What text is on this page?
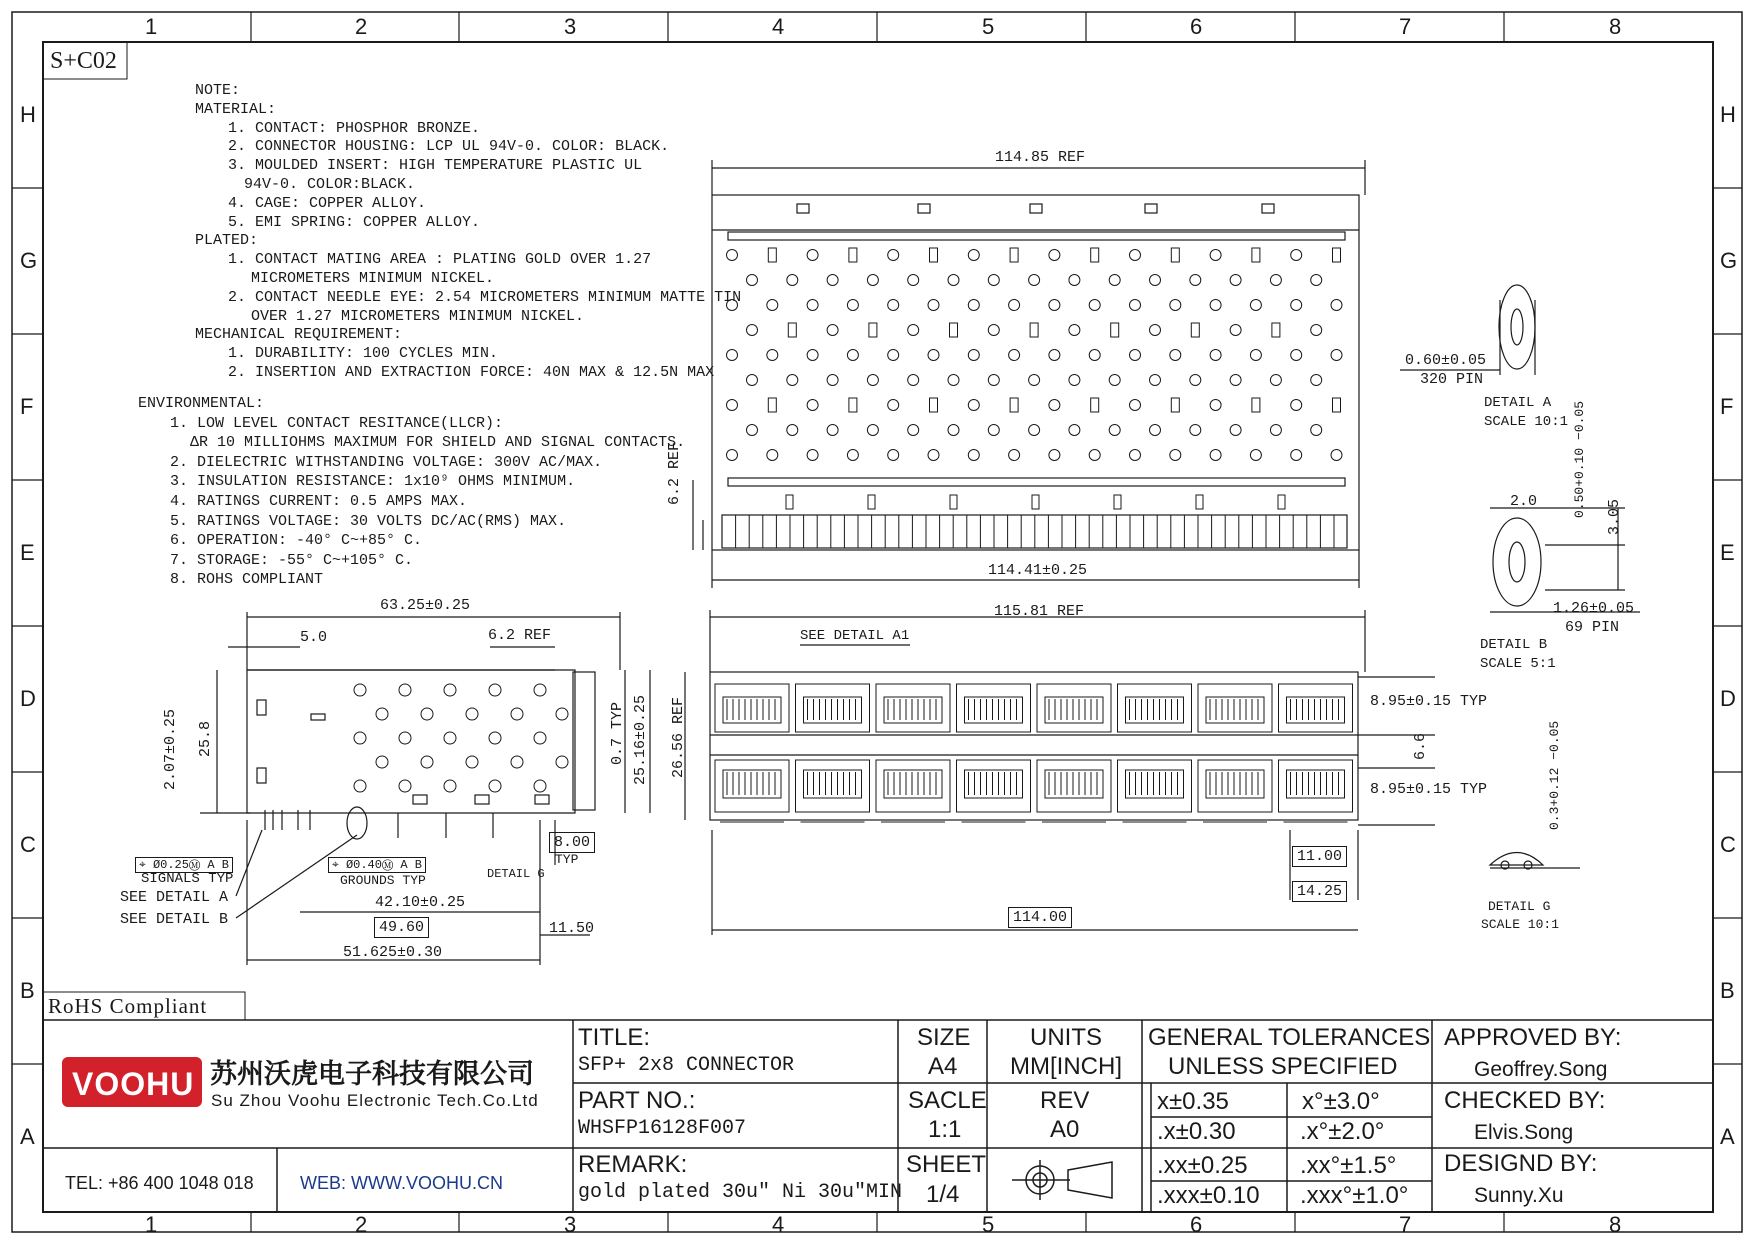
S+C02
RoHS Compliant
114.85 REF
114.41±0.25
6.2 REF
63.25±0.25
5.0	6.2 REF
25.8
2.07±0.25	0.7 TYP 25.16±0.25
42.10±0.25
49.60	11.50
51.625±0.30
8.00
TYP
⌖ Ø0.25Ⓜ A B
SIGNALS TYP
SEE DETAIL A
SEE DETAIL B
⌖ Ø0.40Ⓜ A B
GROUNDS TYP	DETAIL G
115.81 REF
26.56 REF	8.95±0.15 TYP
6.6
8.95±0.15 TYP
11.00
14.25
114.00
SEE DETAIL A1
0.60±0.05
320 PIN
DETAIL A
SCALE 10:1
2.0	0.50+0.10 −0.05 3.05
1.26±0.05
69 PIN
DETAIL B
SCALE 5:1
0.3+0.12 −0.05
DETAIL G
SCALE 10:1
VOOHU 苏州沃虎电子科技有限公司
Su Zhou Voohu Electronic Tech.Co.Ltd
TEL: +86 400 1048 018	WEB: WWW.VOOHU.CN
TITLE:
SFP+ 2x8 CONNECTOR
PART NO.:
WHSFP16128F007
REMARK:
gold plated 30u" Ni 30u"MIN
SIZE
A4
UNITS
MM[INCH]
SACLE
1:1
REV
A0
SHEET
1/4
GENERAL TOLERANCES
UNLESS SPECIFIED
x±0.35	x°±3.0°
.x±0.30	.x°±2.0°
.xx±0.25 .xx°±1.5°
.xxx±0.10 .xxx°±1.0°
APPROVED BY:
Geoffrey.Song
CHECKED BY:
Elvis.Song
DESIGND BY:
Sunny.Xu
1
1
2
2
3
3
4
4
5
5
6
6
7
7
8
8
H	H
G	G
F	F
E	E
D	D
C	C
B	B
A	A
NOTE:
MATERIAL:
1. CONTACT: PHOSPHOR BRONZE.
2. CONNECTOR HOUSING: LCP UL 94V-0. COLOR: BLACK.
3. MOULDED INSERT: HIGH TEMPERATURE PLASTIC UL
94V-0. COLOR:BLACK.
4. CAGE: COPPER ALLOY.
5. EMI SPRING: COPPER ALLOY.
PLATED:
1. CONTACT MATING AREA : PLATING GOLD OVER 1.27
MICROMETERS MINIMUM NICKEL.
2. CONTACT NEEDLE EYE: 2.54 MICROMETERS MINIMUM MATTE TIN
OVER 1.27 MICROMETERS MINIMUM NICKEL.
MECHANICAL REQUIREMENT:
1. DURABILITY: 100 CYCLES MIN.
2. INSERTION AND EXTRACTION FORCE: 40N MAX & 12.5N MAX
ENVIRONMENTAL:
1. LOW LEVEL CONTACT RESITANCE(LLCR):
ΔR 10 MILLIOHMS MAXIMUM FOR SHIELD AND SIGNAL CONTACTS.
2. DIELECTRIC WITHSTANDING VOLTAGE: 300V AC/MAX.
3. INSULATION RESISTANCE: 1x10⁹ OHMS MINIMUM.
4. RATINGS CURRENT: 0.5 AMPS MAX.
5. RATINGS VOLTAGE: 30 VOLTS DC/AC(RMS) MAX.
6. OPERATION: -40° C~+85° C.
7. STORAGE: -55° C~+105° C.
8. ROHS COMPLIANT
